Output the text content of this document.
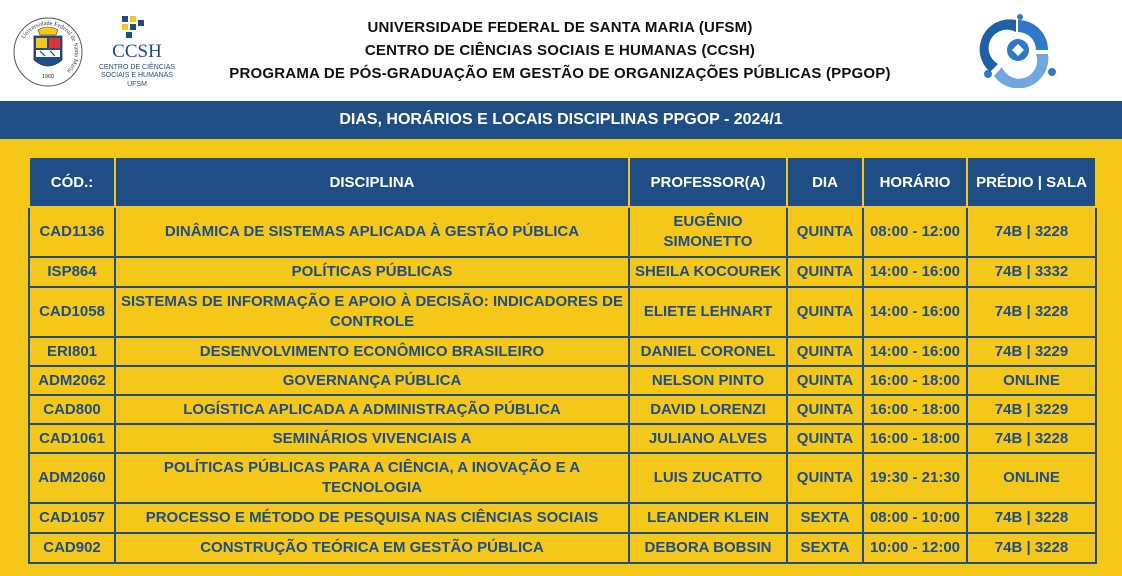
Universidade Federal de Santa Maria
1960
CCSH
CENTRO DE CIÊNCIAS
SOCIAIS E HUMANAS
UFSM
UNIVERSIDADE FEDERAL DE SANTA MARIA (UFSM)
CENTRO DE CIÊNCIAS SOCIAIS E HUMANAS (CCSH)
PROGRAMA DE PÓS-GRADUAÇÃO EM GESTÃO DE ORGANIZAÇÕES PÚBLICAS (PPGOP)
DIAS, HORÁRIOS E LOCAIS DISCIPLINAS PPGOP - 2024/1
CÓD.:	DISCIPLINA	PROFESSOR(A)	DIA	HORÁRIO	PRÉDIO | SALA
CAD1136	DINÂMICA DE SISTEMAS APLICADA À GESTÃO PÚBLICA	EUGÊNIO SIMONETTO	QUINTA	08:00 - 12:00	74B | 3228
ISP864	POLÍTICAS PÚBLICAS	SHEILA KOCOUREK	QUINTA	14:00 - 16:00	74B | 3332
CAD1058	SISTEMAS DE INFORMAÇÃO E APOIO À DECISÃO: INDICADORES DE CONTROLE	ELIETE LEHNART	QUINTA	14:00 - 16:00	74B | 3228
ERI801	DESENVOLVIMENTO ECONÔMICO BRASILEIRO	DANIEL CORONEL	QUINTA	14:00 - 16:00	74B | 3229
ADM2062	GOVERNANÇA PÚBLICA	NELSON PINTO	QUINTA	16:00 - 18:00	ONLINE
CAD800	LOGÍSTICA APLICADA A ADMINISTRAÇÃO PÚBLICA	DAVID LORENZI	QUINTA	16:00 - 18:00	74B | 3229
CAD1061	SEMINÁRIOS VIVENCIAIS A	JULIANO ALVES	QUINTA	16:00 - 18:00	74B | 3228
ADM2060	POLÍTICAS PÚBLICAS PARA A CIÊNCIA, A INOVAÇÃO E A TECNOLOGIA	LUIS ZUCATTO	QUINTA	19:30 - 21:30	ONLINE
CAD1057	PROCESSO E MÉTODO DE PESQUISA NAS CIÊNCIAS SOCIAIS	LEANDER KLEIN	SEXTA	08:00 - 10:00	74B | 3228
CAD902	CONSTRUÇÃO TEÓRICA EM GESTÃO PÚBLICA	DEBORA BOBSIN	SEXTA	10:00 - 12:00	74B | 3228
